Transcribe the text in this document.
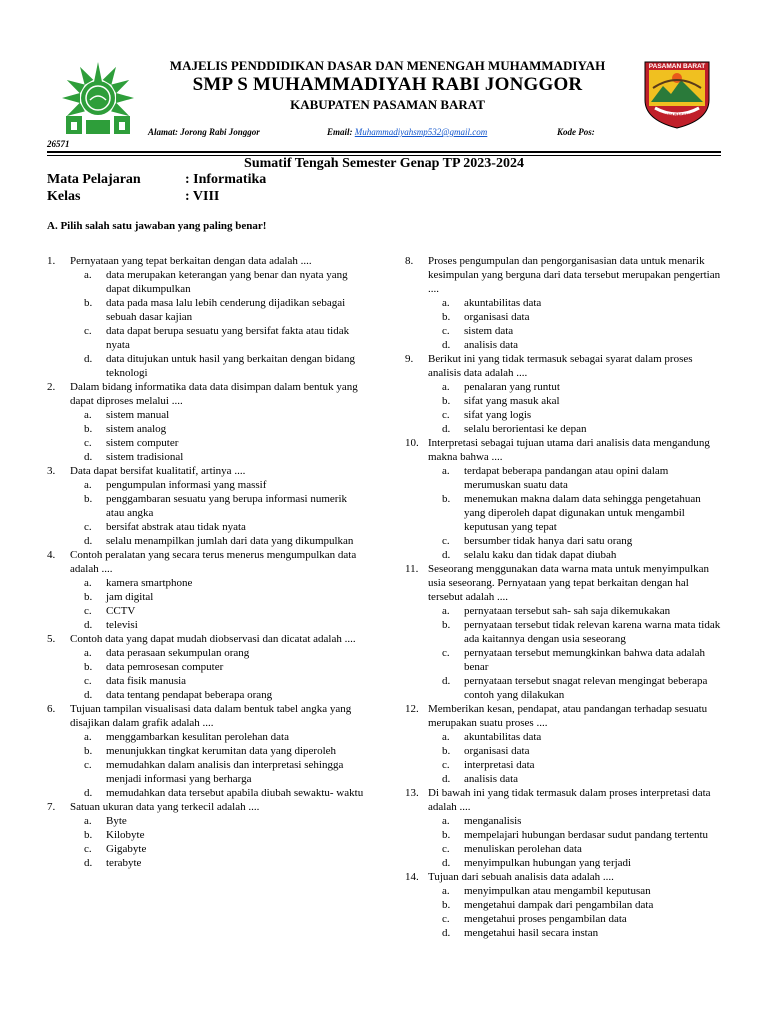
PASAMAN BARAT
TUAH BASAMO
MAJELIS PENDDIDIKAN DASAR DAN MENENGAH MUHAMMADIYAH
SMP S MUHAMMADIYAH RABI JONGGOR
KABUPATEN PASAMAN BARAT
Alamat: Jorong Rabi Jonggor	Email: Muhammadiyahsmp532@gmail.com	Kode Pos:
26571
Sumatif Tengah Semester Genap TP 2023-2024
Mata Pelajaran	: Informatika
Kelas	: VIII
A. Pilih salah satu jawaban yang paling benar!
1. Pernyataan yang tepat berkaitan dengan data adalah ....
a. data merupakan keterangan yang benar dan nyata yang dapat dikumpulkan
b. data pada masa lalu lebih cenderung dijadikan sebagai sebuah dasar kajian
c. data dapat berupa sesuatu yang bersifat fakta atau tidak nyata
d. data ditujukan untuk hasil yang berkaitan dengan bidang teknologi
2. Dalam bidang informatika data data disimpan dalam bentuk yang dapat diproses melalui ....
a. sistem manual
b. sistem analog
c. sistem computer
d. sistem tradisional
3. Data dapat bersifat kualitatif, artinya ....
a. pengumpulan informasi yang massif
b. penggambaran sesuatu yang berupa informasi numerik atau angka
c. bersifat abstrak atau tidak nyata
d. selalu menampilkan jumlah dari data yang dikumpulkan
4. Contoh peralatan yang secara terus menerus mengumpulkan data adalah ....
a. kamera smartphone
b. jam digital
c. CCTV
d. televisi
5. Contoh data yang dapat mudah diobservasi dan dicatat adalah ....
a. data perasaan sekumpulan orang
b. data pemrosesan computer
c. data fisik manusia
d. data tentang pendapat beberapa orang
6. Tujuan tampilan visualisasi data dalam bentuk tabel angka yang disajikan dalam grafik adalah ....
a. menggambarkan kesulitan perolehan data
b. menunjukkan tingkat kerumitan data yang diperoleh
c. memudahkan dalam analisis dan interpretasi sehingga menjadi informasi yang berharga
d. memudahkan data tersebut apabila diubah sewaktu- waktu
7. Satuan ukuran data yang terkecil adalah ....
a. Byte
b. Kilobyte
c. Gigabyte
d. terabyte
8. Proses pengumpulan dan pengorganisasian data untuk menarik kesimpulan yang berguna dari data tersebut merupakan pengertian ....
a. akuntabilitas data
b. organisasi data
c. sistem data
d. analisis data
9. Berikut ini yang tidak termasuk sebagai syarat dalam proses analisis data adalah ....
a. penalaran yang runtut
b. sifat yang masuk akal
c. sifat yang logis
d. selalu berorientasi ke depan
10. Interpretasi sebagai tujuan utama dari analisis data mengandung makna bahwa ....
a. terdapat beberapa pandangan atau opini dalam merumuskan suatu data
b. menemukan makna dalam data sehingga pengetahuan yang diperoleh dapat digunakan untuk mengambil keputusan yang tepat
c. bersumber tidak hanya dari satu orang
d. selalu kaku dan tidak dapat diubah
11. Seseorang menggunakan data warna mata untuk menyimpulkan usia seseorang. Pernyataan yang tepat berkaitan dengan hal tersebut adalah ....
a. pernyataan tersebut sah- sah saja dikemukakan
b. pernyataan tersebut tidak relevan karena warna mata tidak ada kaitannya dengan usia seseorang
c. pernyataan tersebut memungkinkan bahwa data adalah benar
d. pernyataan tersebut snagat relevan mengingat beberapa contoh yang dilakukan
12. Memberikan kesan, pendapat, atau pandangan terhadap sesuatu merupakan suatu proses ....
a. akuntabilitas data
b. organisasi data
c. interpretasi data
d. analisis data
13. Di bawah ini yang tidak termasuk dalam proses interpretasi data adalah ....
a. menganalisis
b. mempelajari hubungan berdasar sudut pandang tertentu
c. menuliskan perolehan data
d. menyimpulkan hubungan yang terjadi
14. Tujuan dari sebuah analisis data adalah ....
a. menyimpulkan atau mengambil keputusan
b. mengetahui dampak dari pengambilan data
c. mengetahui proses pengambilan data
d. mengetahui hasil secara instan
